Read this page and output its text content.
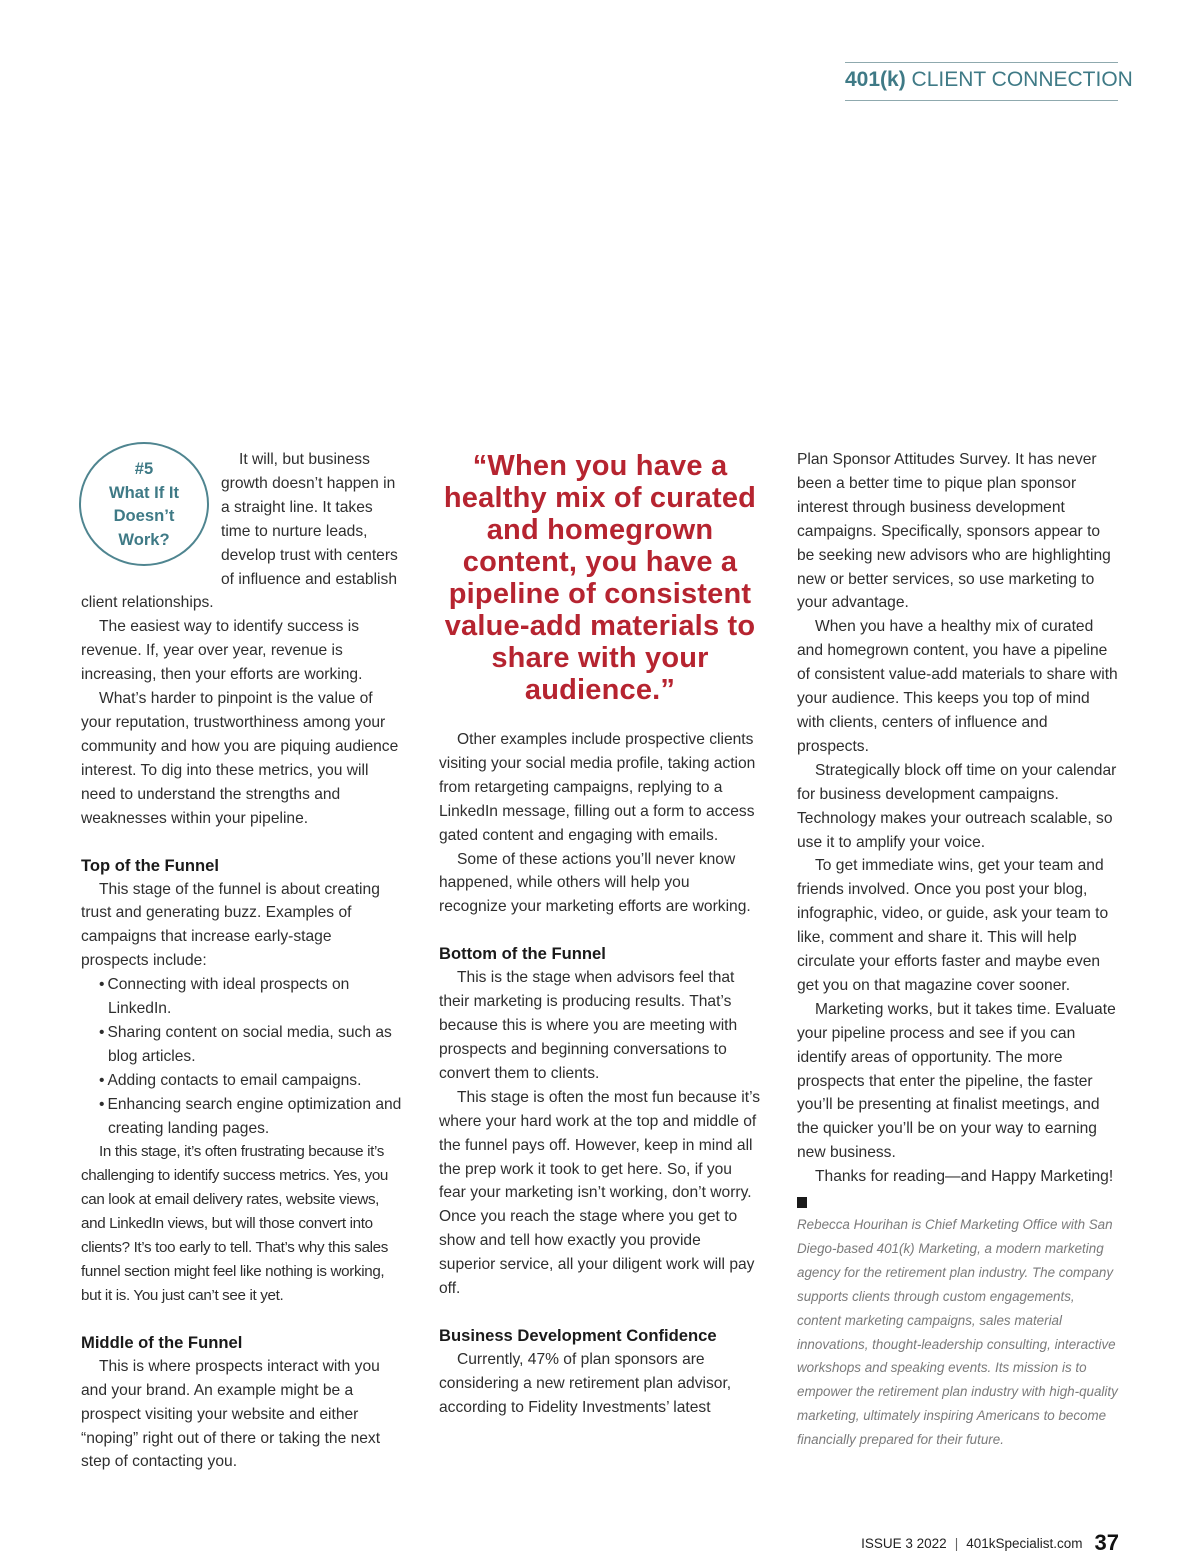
401(k) CLIENT CONNECTION
#5
What If It
Doesn’t
Work?

It will, but business growth doesn’t happen in a straight line. It takes time to nurture leads, develop trust with centers of influence and establish client relationships.

The easiest way to identify success is revenue. If, year over year, revenue is increasing, then your efforts are working.

What’s harder to pinpoint is the value of your reputation, trustworthiness among your community and how you are piquing audience interest. To dig into these metrics, you will need to understand the strengths and weaknesses within your pipeline.

Top of the Funnel

This stage of the funnel is about creating trust and generating buzz. Examples of campaigns that increase early-stage prospects include:

• Connecting with ideal prospects on LinkedIn.
• Sharing content on social media, such as blog articles.
• Adding contacts to email campaigns.
• Enhancing search engine optimization and creating landing pages.

In this stage, it’s often frustrating because it’s challenging to identify success metrics. Yes, you can look at email delivery rates, website views, and LinkedIn views, but will those convert into clients? It’s too early to tell. That’s why this sales funnel section might feel like nothing is working, but it is. You just can’t see it yet.

Middle of the Funnel

This is where prospects interact with you and your brand. An example might be a prospect visiting your website and either “noping” right out of there or taking the next step of contacting you.

“When you have a healthy mix of curated and homegrown content, you have a pipeline of consistent value-add materials to share with your audience.”

Other examples include prospective clients visiting your social media profile, taking action from retargeting campaigns, replying to a LinkedIn message, filling out a form to access gated content and engaging with emails.

Some of these actions you’ll never know happened, while others will help you recognize your marketing efforts are working.

Bottom of the Funnel

This is the stage when advisors feel that their marketing is producing results. That’s because this is where you are meeting with prospects and beginning conversations to convert them to clients.

This stage is often the most fun because it’s where your hard work at the top and middle of the funnel pays off. However, keep in mind all the prep work it took to get here. So, if you fear your marketing isn’t working, don’t worry. Once you reach the stage where you get to show and tell how exactly you provide superior service, all your diligent work will pay off.

Business Development Confidence

Currently, 47% of plan sponsors are considering a new retirement plan advisor, according to Fidelity Investments’ latest

Plan Sponsor Attitudes Survey. It has never been a better time to pique plan sponsor interest through business development campaigns. Specifically, sponsors appear to be seeking new advisors who are highlighting new or better services, so use marketing to your advantage.

When you have a healthy mix of curated and homegrown content, you have a pipeline of consistent value-add materials to share with your audience. This keeps you top of mind with clients, centers of influence and prospects.

Strategically block off time on your calendar for business development campaigns. Technology makes your outreach scalable, so use it to amplify your voice.

To get immediate wins, get your team and friends involved. Once you post your blog, infographic, video, or guide, ask your team to like, comment and share it. This will help circulate your efforts faster and maybe even get you on that magazine cover sooner.

Marketing works, but it takes time. Evaluate your pipeline process and see if you can identify areas of opportunity. The more prospects that enter the pipeline, the faster you’ll be presenting at finalist meetings, and the quicker you’ll be on your way to earning new business.

Thanks for reading—and Happy Marketing! K

Rebecca Hourihan is Chief Marketing Office with San Diego-based 401(k) Marketing, a modern marketing agency for the retirement plan industry. The company supports clients through custom engagements, content marketing campaigns, sales material innovations, thought-leadership consulting, interactive workshops and speaking events. Its mission is to empower the retirement plan industry with high-quality marketing, ultimately inspiring Americans to become financially prepared for their future.

ISSUE 3 2022 | 401kSpecialist.com 37
